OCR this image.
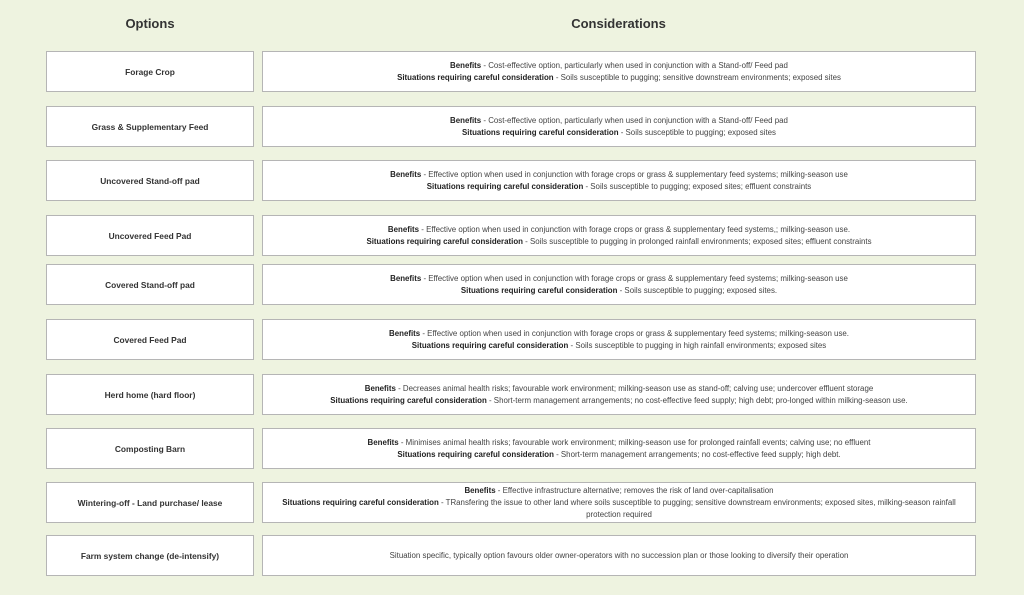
Options	Considerations
Forage Crop
Benefits - Cost-effective option, particularly when used in conjunction with a Stand-off/ Feed pad
Situations requiring careful consideration - Soils susceptible to pugging; sensitive downstream environments; exposed sites
Grass & Supplementary Feed
Benefits - Cost-effective option, particularly when used in conjunction with a Stand-off/ Feed pad
Situations requiring careful consideration - Soils susceptible to pugging; exposed sites
Uncovered Stand-off pad
Benefits - Effective option when used in conjunction with forage crops or grass & supplementary feed systems; milking-season use
Situations requiring careful consideration - Soils susceptible to pugging; exposed sites; effluent constraints
Uncovered Feed Pad
Benefits - Effective option when used in conjunction with forage crops or grass & supplementary feed systems,; milking-season use.
Situations requiring careful consideration - Soils susceptible to pugging in prolonged rainfall environments; exposed sites; effluent constraints
Covered Stand-off pad
Benefits - Effective option when used in conjunction with forage crops or grass & supplementary feed systems; milking-season use
Situations requiring careful consideration - Soils susceptible to pugging; exposed sites.
Covered Feed Pad
Benefits - Effective option when used in conjunction with forage crops or grass & supplementary feed systems; milking-season use.
Situations requiring careful consideration - Soils susceptible to pugging in high rainfall environments; exposed sites
Herd home (hard floor)
Benefits - Decreases animal health risks; favourable work environment; milking-season use as stand-off; calving use; undercover effluent storage
Situations requiring careful consideration - Short-term management arrangements; no cost-effective feed supply; high debt; pro-longed within milking-season use.
Composting Barn
Benefits - Minimises animal health risks; favourable work environment; milking-season use for prolonged rainfall events; calving use; no effluent
Situations requiring careful consideration - Short-term management arrangements; no cost-effective feed supply; high debt.
Wintering-off - Land purchase/ lease
Benefits - Effective infrastructure alternative; removes the risk of land over-capitalisation
Situations requiring careful consideration - TRansfering the issue to other land where soils susceptible to pugging; sensitive downstream environments; exposed sites, milking-season rainfall protection required
Farm system change (de-intensify)	Situation specific, typically option favours older owner-operators with no succession plan or those looking to diversify their operation
